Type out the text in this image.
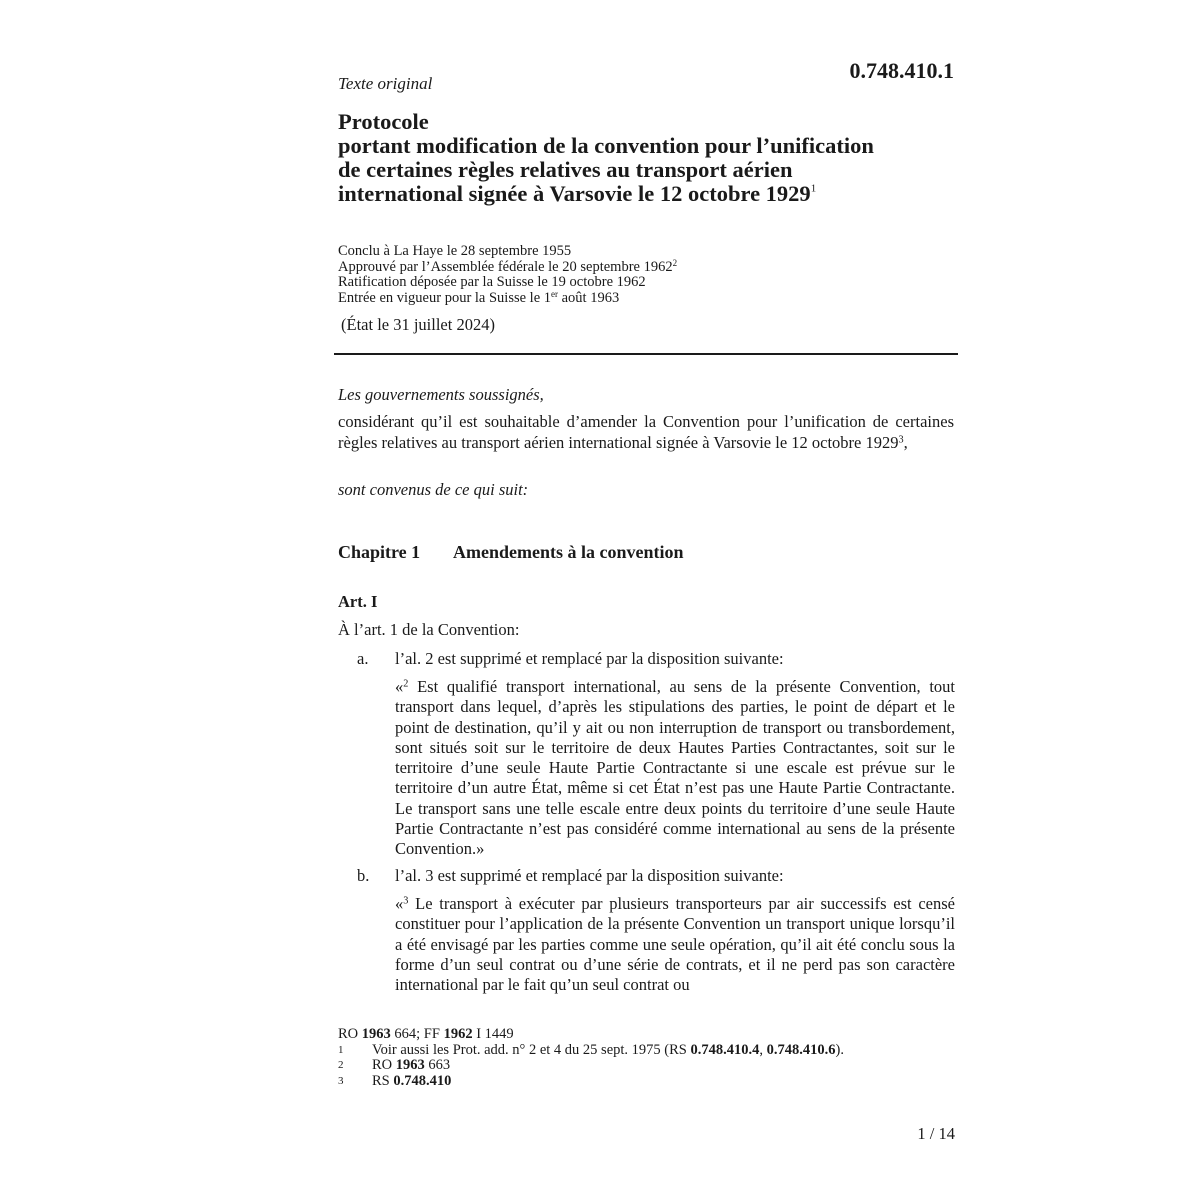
0.748.410.1
Texte original
Protocole
portant modification de la convention pour l’unification
de certaines règles relatives au transport aérien
international signée à Varsovie le 12 octobre 1929$^1$
Conclu à La Haye le 28 septembre 1955
Approuvé par l’Assemblée fédérale le 20 septembre 1962$^2$
Ratification déposée par la Suisse le 19 octobre 1962
Entrée en vigueur pour la Suisse le 1er août 1963
(État le 31 juillet 2024)
Les gouvernements soussignés,
considérant qu’il est souhaitable d’amender la Convention pour l’unification de certaines règles relatives au transport aérien international signée à Varsovie le 12 octobre 1929$^3$,
sont convenus de ce qui suit:
Chapitre 1 Amendements à la convention
Art. I
À l’art. 1 de la Convention:
a.	l’al. 2 est supprimé et remplacé par la disposition suivante:
«$^2$ Est qualifié transport international, au sens de la présente Convention, tout transport dans lequel, d’après les stipulations des parties, le point de départ et le point de destination, qu’il y ait ou non interruption de transport ou transbordement, sont situés soit sur le territoire de deux Hautes Parties Contractantes, soit sur le territoire d’une seule Haute Partie Contractante si une escale est prévue sur le territoire d’un autre État, même si cet État n’est pas une Haute Partie Contractante. Le transport sans une telle escale entre deux points du territoire d’une seule Haute Partie Contractante n’est pas considéré comme international au sens de la présente Convention.»
b.	l’al. 3 est supprimé et remplacé par la disposition suivante:
«$^3$ Le transport à exécuter par plusieurs transporteurs par air successifs est censé constituer pour l’application de la présente Convention un transport unique lorsqu’il a été envisagé par les parties comme une seule opération, qu’il ait été conclu sous la forme d’un seul contrat ou d’une série de contrats, et il ne perd pas son caractère international par le fait qu’un seul contrat ou
RO 1963 664; FF 1962 I 1449
1	Voir aussi les Prot. add. n° 2 et 4 du 25 sept. 1975 (RS 0.748.410.4, 0.748.410.6).
2	RO 1963 663
3	RS 0.748.410
1 / 14
